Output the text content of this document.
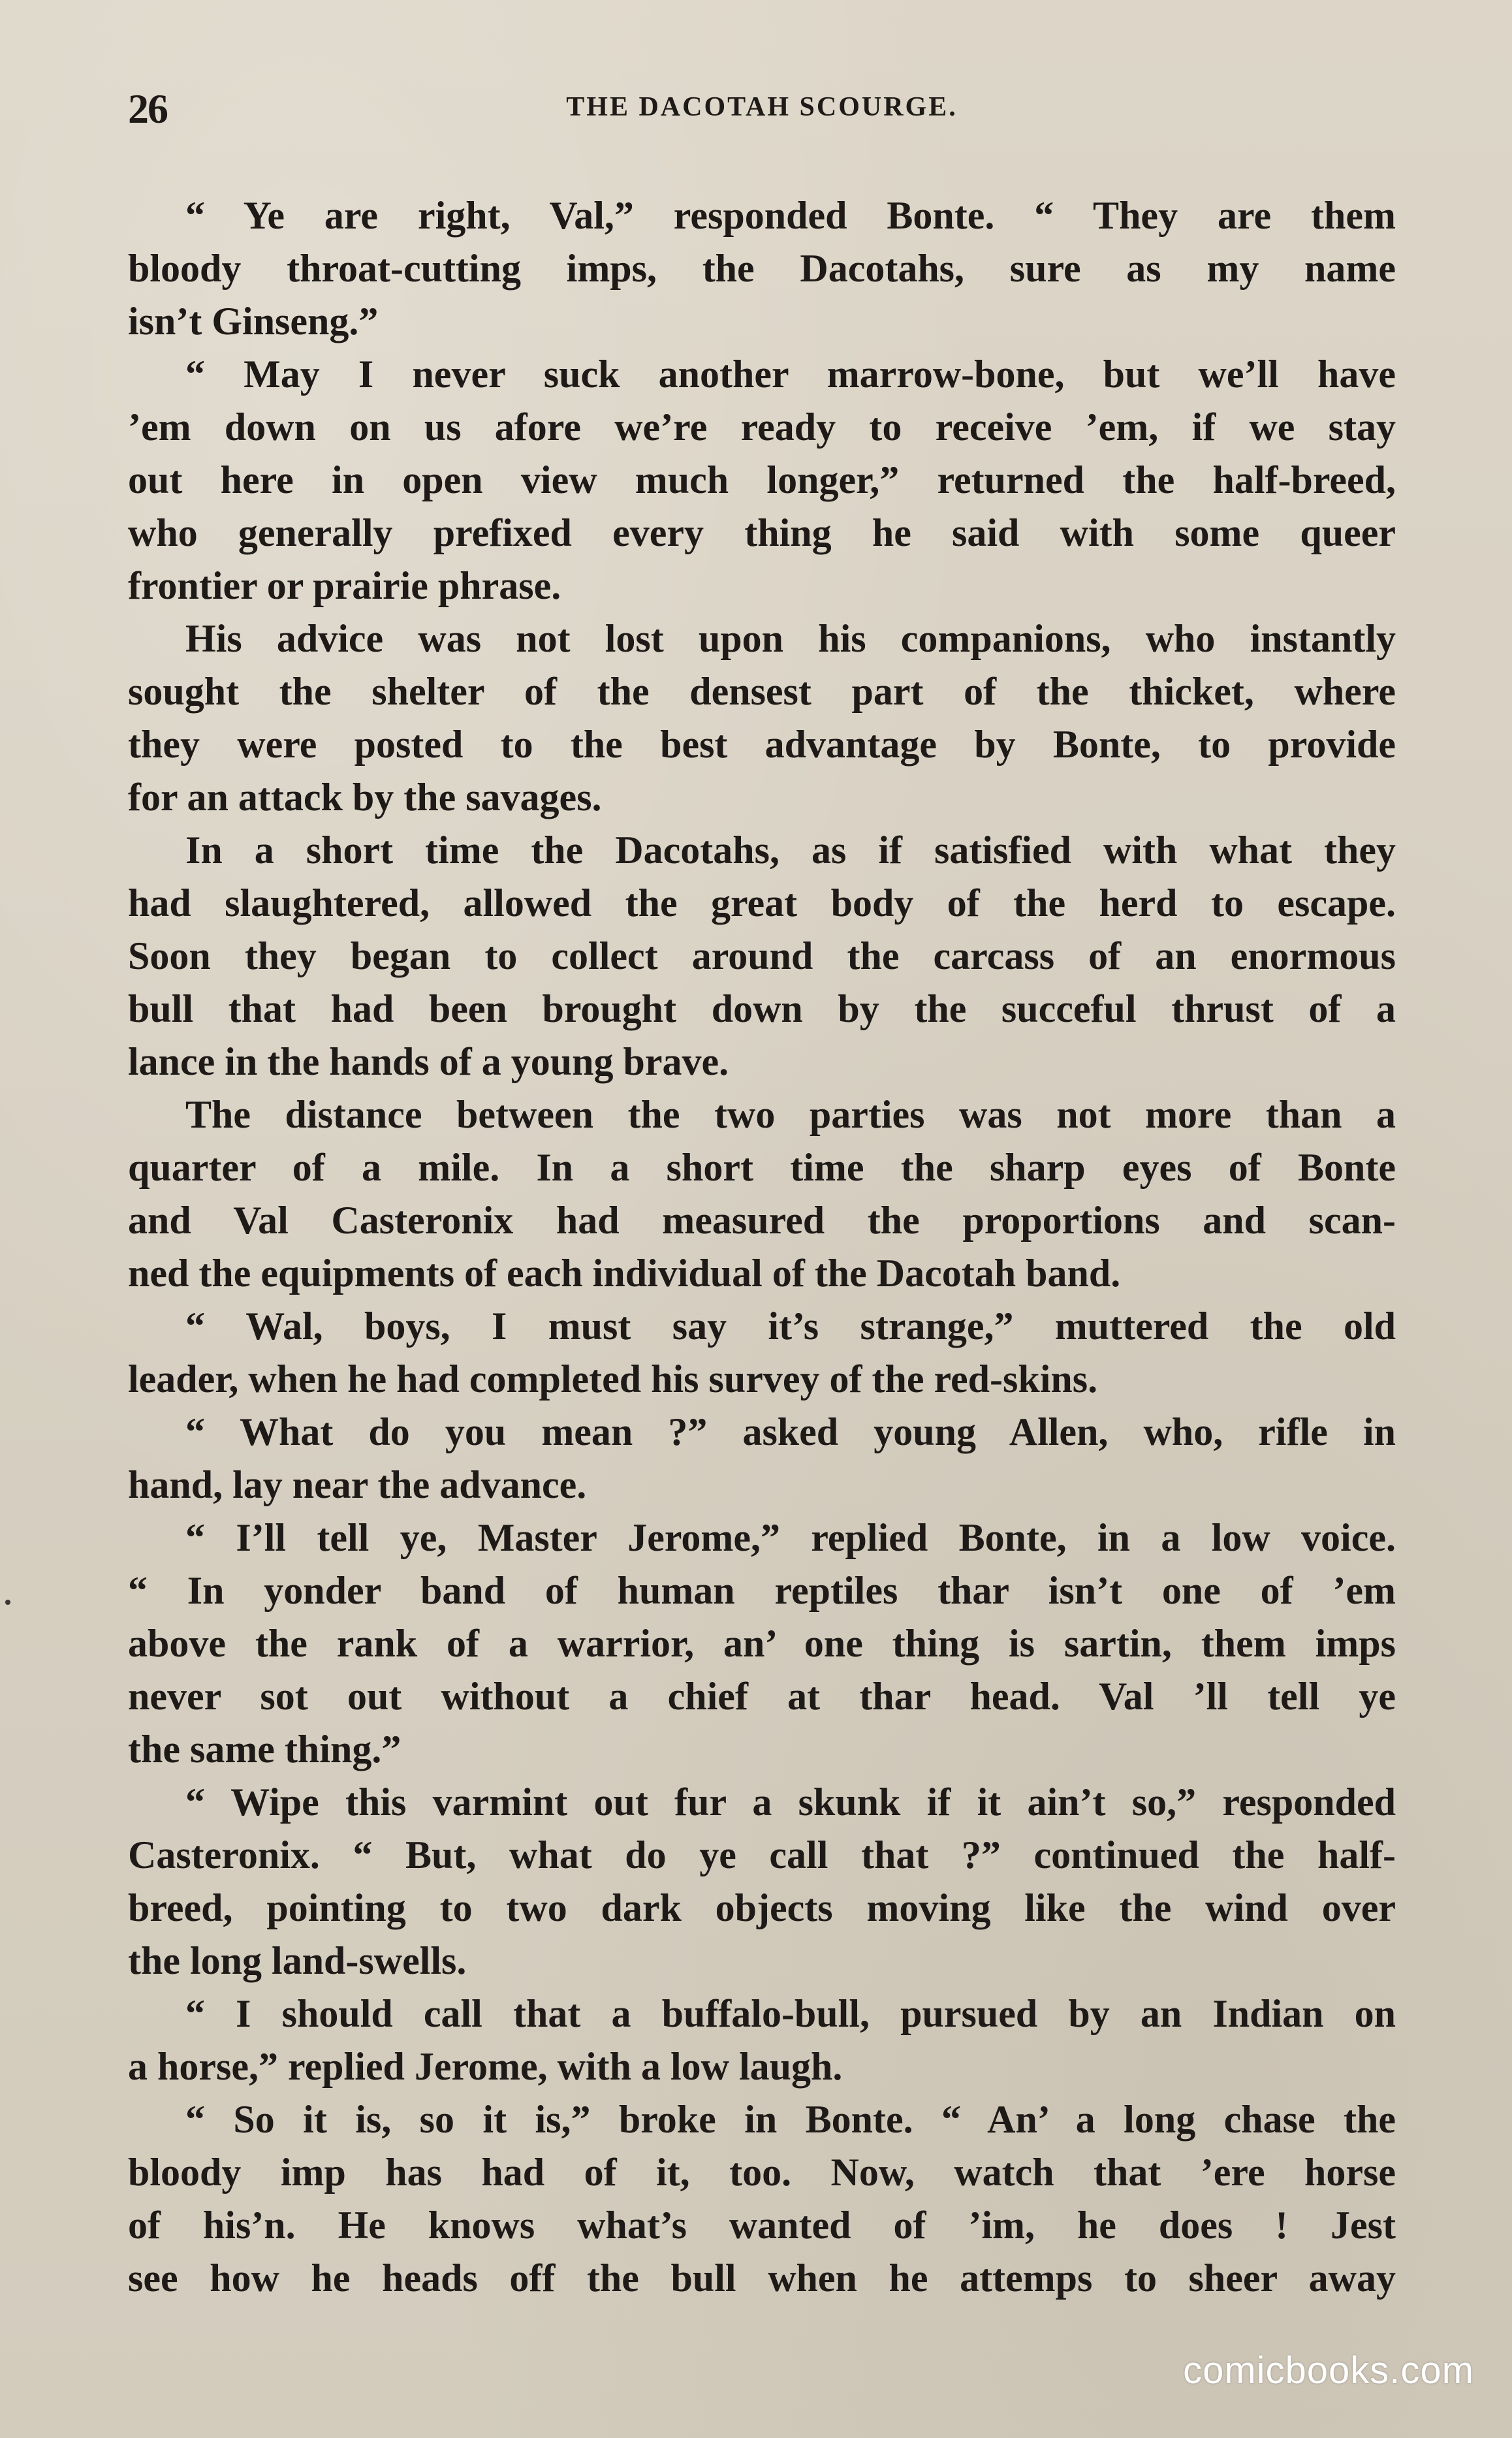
26	THE DACOTAH SCOURGE.
“ Ye are right, Val,” responded Bonte. “ They are them
bloody throat-cutting imps, the Dacotahs, sure as my name
isn’t Ginseng.”
“ May I never suck another marrow-bone, but we’ll have
’em down on us afore we’re ready to receive ’em, if we stay
out here in open view much longer,” returned the half-breed,
who generally prefixed every thing he said with some queer
frontier or prairie phrase.
His advice was not lost upon his companions, who instantly
sought the shelter of the densest part of the thicket, where
they were posted to the best advantage by Bonte, to provide
for an attack by the savages.
In a short time the Dacotahs, as if satisfied with what they
had slaughtered, allowed the great body of the herd to escape.
Soon they began to collect around the carcass of an enormous
bull that had been brought down by the succeful thrust of a
lance in the hands of a young brave.
The distance between the two parties was not more than a
quarter of a mile. In a short time the sharp eyes of Bonte
and Val Casteronix had measured the proportions and scan-
ned the equipments of each individual of the Dacotah band.
“ Wal, boys, I must say it’s strange,” muttered the old
leader, when he had completed his survey of the red-skins.
“ What do you mean ?” asked young Allen, who, rifle in
hand, lay near the advance.
“ I’ll tell ye, Master Jerome,” replied Bonte, in a low voice.
“ In yonder band of human reptiles thar isn’t one of ’em
above the rank of a warrior, an’ one thing is sartin, them imps
never sot out without a chief at thar head. Val ’ll tell ye
the same thing.”
“ Wipe this varmint out fur a skunk if it ain’t so,” responded
Casteronix. “ But, what do ye call that ?” continued the half-
breed, pointing to two dark objects moving like the wind over
the long land-swells.
“ I should call that a buffalo-bull, pursued by an Indian on
a horse,” replied Jerome, with a low laugh.
“ So it is, so it is,” broke in Bonte. “ An’ a long chase the
bloody imp has had of it, too. Now, watch that ’ere horse
of his’n. He knows what’s wanted of ’im, he does ! Jest
see how he heads off the bull when he attemps to sheer away
comicbooks.com
